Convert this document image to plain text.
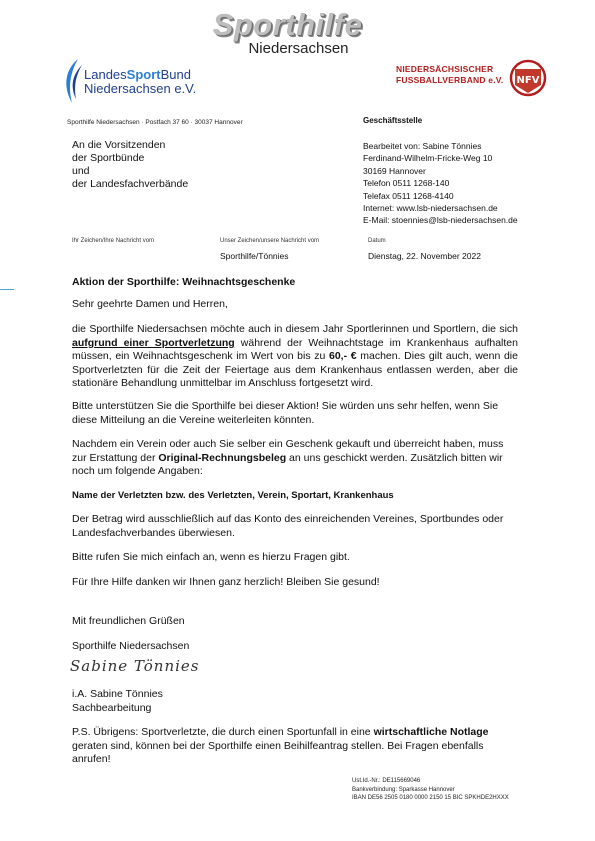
Sporthilfe
Niedersachsen
LandesSportBund
Niedersachsen e.V.
NIEDERSÄCHSISCHER
FUSSBALLVERBAND e.V. NFV
Sporthilfe Niedersachsen · Postfach 37 60 · 30037 Hannover
An die Vorsitzenden
der Sportbünde
und
der Landesfachverbände
Geschäftsstelle
Bearbeitet von: Sabine Tönnies
Ferdinand-Wilhelm-Fricke-Weg 10
30169 Hannover
Telefon 0511 1268-140
Telefax 0511 1268-4140
Internet: www.lsb-niedersachsen.de
E-Mail: stoennies@lsb-niedersachsen.de
Ihr Zeichen/Ihre Nachricht vom	Unser Zeichen/unsere Nachricht vom
Sporthilfe/Tönnies
Datum
Dienstag, 22. November 2022
Aktion der Sporthilfe: Weihnachtsgeschenke
Sehr geehrte Damen und Herren,
die Sporthilfe Niedersachsen möchte auch in diesem Jahr Sportlerinnen und Sportlern, die sich aufgrund einer Sportverletzung während der Weihnachtstage im Krankenhaus aufhalten müssen, ein Weihnachtsgeschenk im Wert von bis zu 60,- € machen. Dies gilt auch, wenn die Sportverletzten für die Zeit der Feiertage aus dem Krankenhaus entlassen werden, aber die stationäre Behandlung unmittelbar im Anschluss fortgesetzt wird.
Bitte unterstützen Sie die Sporthilfe bei dieser Aktion! Sie würden uns sehr helfen, wenn Sie diese Mitteilung an die Vereine weiterleiten könnten.
Nachdem ein Verein oder auch Sie selber ein Geschenk gekauft und überreicht haben, muss zur Erstattung der Original-Rechnungsbeleg an uns geschickt werden. Zusätzlich bitten wir noch um folgende Angaben:
Name der Verletzten bzw. des Verletzten, Verein, Sportart, Krankenhaus
Der Betrag wird ausschließlich auf das Konto des einreichenden Vereines, Sportbundes oder Landesfachverbandes überwiesen.
Bitte rufen Sie mich einfach an, wenn es hierzu Fragen gibt.
Für Ihre Hilfe danken wir Ihnen ganz herzlich! Bleiben Sie gesund!
Mit freundlichen Grüßen
Sporthilfe Niedersachsen
Sabine Tönnies
i.A. Sabine Tönnies
Sachbearbeitung
P.S. Übrigens: Sportverletzte, die durch einen Sportunfall in eine wirtschaftliche Notlage geraten sind, können bei der Sporthilfe einen Beihilfeantrag stellen. Bei Fragen ebenfalls anrufen!
Ust.Id.-Nr.: DE115669046
Bankverbindung: Sparkasse Hannover
IBAN DE56 2505 0180 0000 2150 15 BIC SPKHDE2HXXX
